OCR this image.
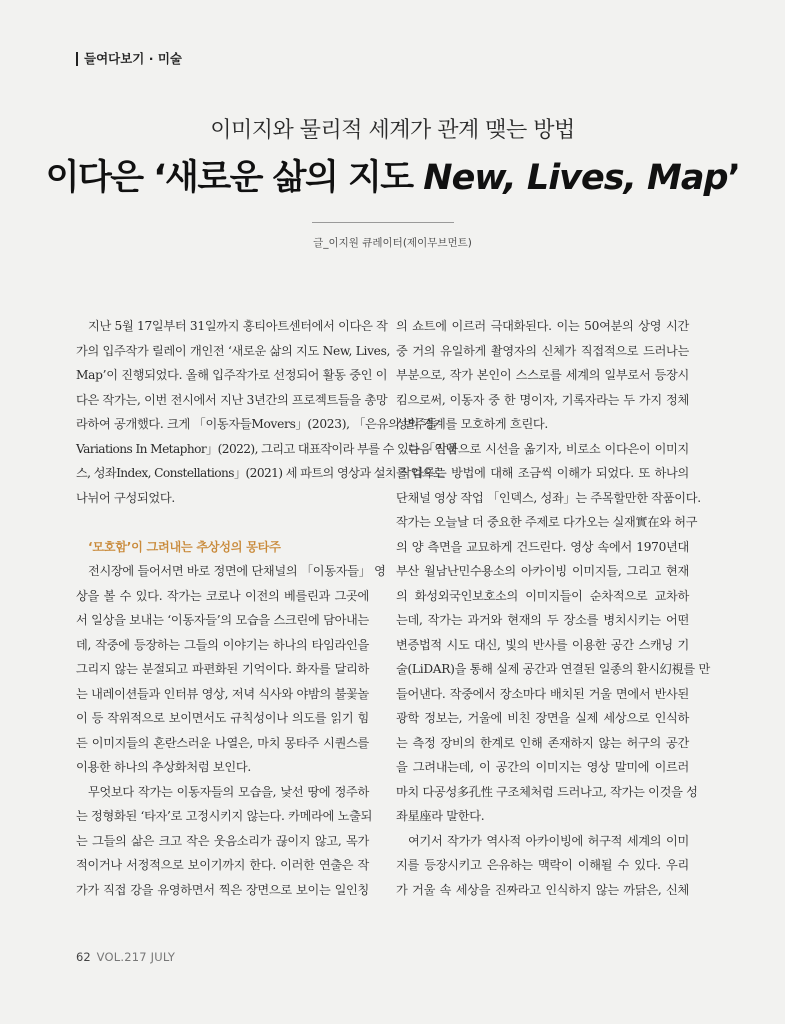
들여다보기 · 미술
이미지와 물리적 세계가 관계 맺는 방법
이다은 ‘새로운 삶의 지도 New, Lives, Map’
글_이지원 큐레이터(제이무브먼트)
지난 5월 17일부터 31일까지 홍티아트센터에서 이다은 작
가의 입주작가 릴레이 개인전 ‘새로운 삶의 지도 New, Lives,
Map’이 진행되었다. 올해 입주작가로 선정되어 활동 중인 이
다은 작가는, 이번 전시에서 지난 3년간의 프로젝트들을 총망
라하여 공개했다. 크게 「이동자들Movers」(2023), 「은유의 변주들
Variations In Metaphor」(2022), 그리고 대표작이라 부를 수 있는 「인덱
스, 성좌Index, Constellations」(2021) 세 파트의 영상과 설치 작업으로
나뉘어 구성되었다.
‘모호함’이 그려내는 추상성의 몽타주
전시장에 들어서면 바로 정면에 단채널의 「이동자들」 영
상을 볼 수 있다. 작가는 코로나 이전의 베를린과 그곳에
서 일상을 보내는 ‘이동자들’의 모습을 스크린에 담아내는
데, 작중에 등장하는 그들의 이야기는 하나의 타임라인을
그리지 않는 분절되고 파편화된 기억이다. 화자를 달리하
는 내레이션들과 인터뷰 영상, 저녁 식사와 야밤의 불꽃놀
이 등 작위적으로 보이면서도 규칙성이나 의도를 읽기 힘
든 이미지들의 혼란스러운 나열은, 마치 몽타주 시퀀스를
이용한 하나의 추상화처럼 보인다.
무엇보다 작가는 이동자들의 모습을, 낯선 땅에 정주하
는 정형화된 ‘타자’로 고정시키지 않는다. 카메라에 노출되
는 그들의 삶은 크고 작은 웃음소리가 끊이지 않고, 목가
적이거나 서정적으로 보이기까지 한다. 이러한 연출은 작
가가 직접 강을 유영하면서 찍은 장면으로 보이는 일인칭
의 쇼트에 이르러 극대화된다. 이는 50여분의 상영 시간
중 거의 유일하게 촬영자의 신체가 직접적으로 드러나는
부분으로, 작가 본인이 스스로를 세계의 일부로서 등장시
킴으로써, 이동자 중 한 명이자, 기록자라는 두 가지 정체
성의 경계를 모호하게 흐린다.
다음 작품으로 시선을 옮기자, 비로소 이다은이 이미지
를 다루는 방법에 대해 조금씩 이해가 되었다. 또 하나의
단채널 영상 작업 「인덱스, 성좌」는 주목할만한 작품이다.
작가는 오늘날 더 중요한 주제로 다가오는 실재實在와 허구
의 양 측면을 교묘하게 건드린다. 영상 속에서 1970년대
부산 월남난민수용소의 아카이빙 이미지들, 그리고 현재
의 화성외국인보호소의 이미지들이 순차적으로 교차하
는데, 작가는 과거와 현재의 두 장소를 병치시키는 어떤
변증법적 시도 대신, 빛의 반사를 이용한 공간 스캐닝 기
술(LiDAR)을 통해 실제 공간과 연결된 일종의 환시幻視를 만
들어낸다. 작중에서 장소마다 배치된 거울 면에서 반사된
광학 정보는, 거울에 비친 장면을 실제 세상으로 인식하
는 측정 장비의 한계로 인해 존재하지 않는 허구의 공간
을 그려내는데, 이 공간의 이미지는 영상 말미에 이르러
마치 다공성多孔性 구조체처럼 드러나고, 작가는 이것을 성
좌星座라 말한다.
여기서 작가가 역사적 아카이빙에 허구적 세계의 이미
지를 등장시키고 은유하는 맥락이 이해될 수 있다. 우리
가 거울 속 세상을 진짜라고 인식하지 않는 까닭은, 신체
62 VOL.217 JULY
